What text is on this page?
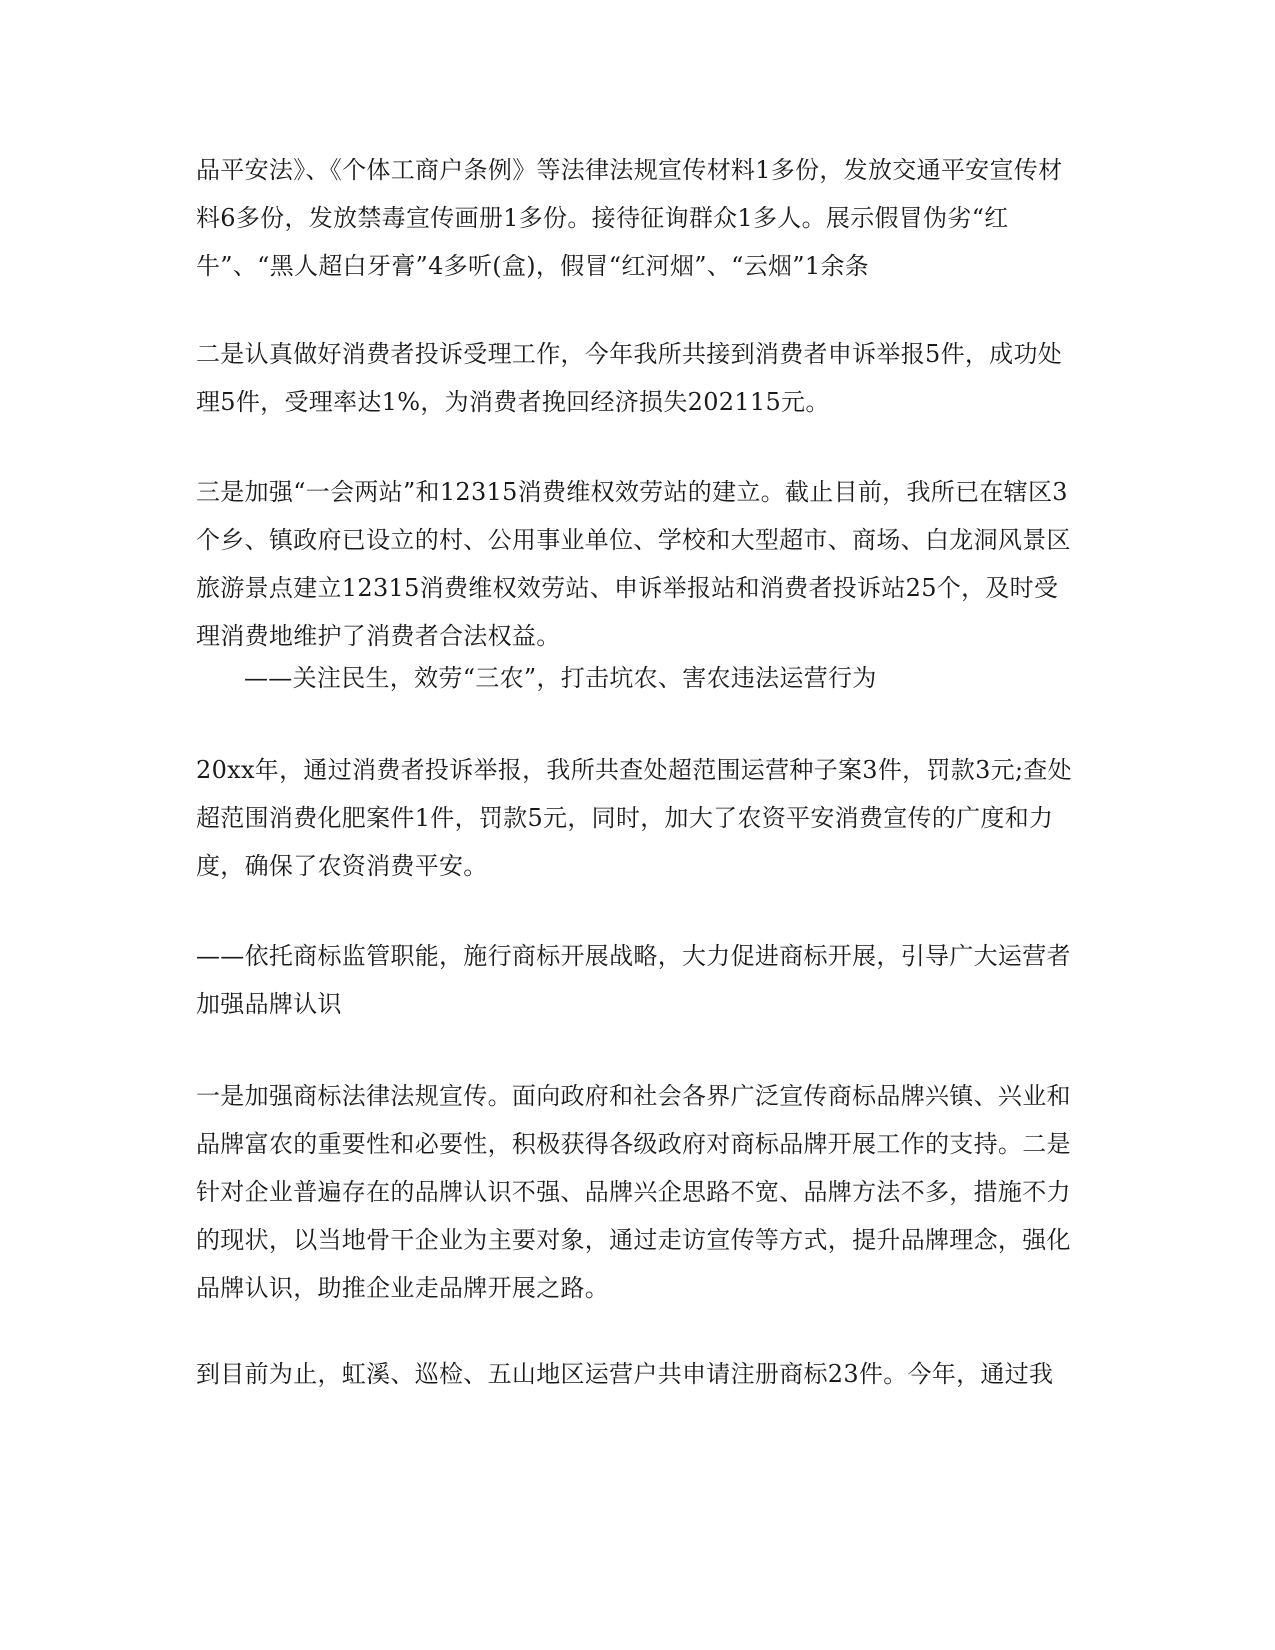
品平安法》、《个体工商户条例》等法律法规宣传材料1多份，发放交通平安宣传材料6多份，发放禁毒宣传画册1多份。接待征询群众1多人。展示假冒伪劣“红牛”、“黑人超白牙膏”4多听(盒)，假冒“红河烟”、“云烟”1余条

二是认真做好消费者投诉受理工作，今年我所共接到消费者申诉举报5件，成功处理5件，受理率达1%，为消费者挽回经济损失202115元。

三是加强“一会两站”和12315消费维权效劳站的建立。截止目前，我所已在辖区3个乡、镇政府已设立的村、公用事业单位、学校和大型超市、商场、白龙洞风景区旅游景点建立12315消费维权效劳站、申诉举报站和消费者投诉站25个，及时受理消费地维护了消费者合法权益。

——关注民生，效劳“三农”，打击坑农、害农违法运营行为

20xx年，通过消费者投诉举报，我所共查处超范围运营种子案3件，罚款3元;查处超范围消费化肥案件1件，罚款5元，同时，加大了农资平安消费宣传的广度和力度，确保了农资消费平安。

——依托商标监管职能，施行商标开展战略，大力促进商标开展，引导广大运营者加强品牌认识

一是加强商标法律法规宣传。面向政府和社会各界广泛宣传商标品牌兴镇、兴业和品牌富农的重要性和必要性，积极获得各级政府对商标品牌开展工作的支持。二是针对企业普遍存在的品牌认识不强、品牌兴企思路不宽、品牌方法不多，措施不力的现状，以当地骨干企业为主要对象，通过走访宣传等方式，提升品牌理念，强化品牌认识，助推企业走品牌开展之路。

到目前为止，虹溪、巡检、五山地区运营户共申请注册商标23件。今年，通过我
